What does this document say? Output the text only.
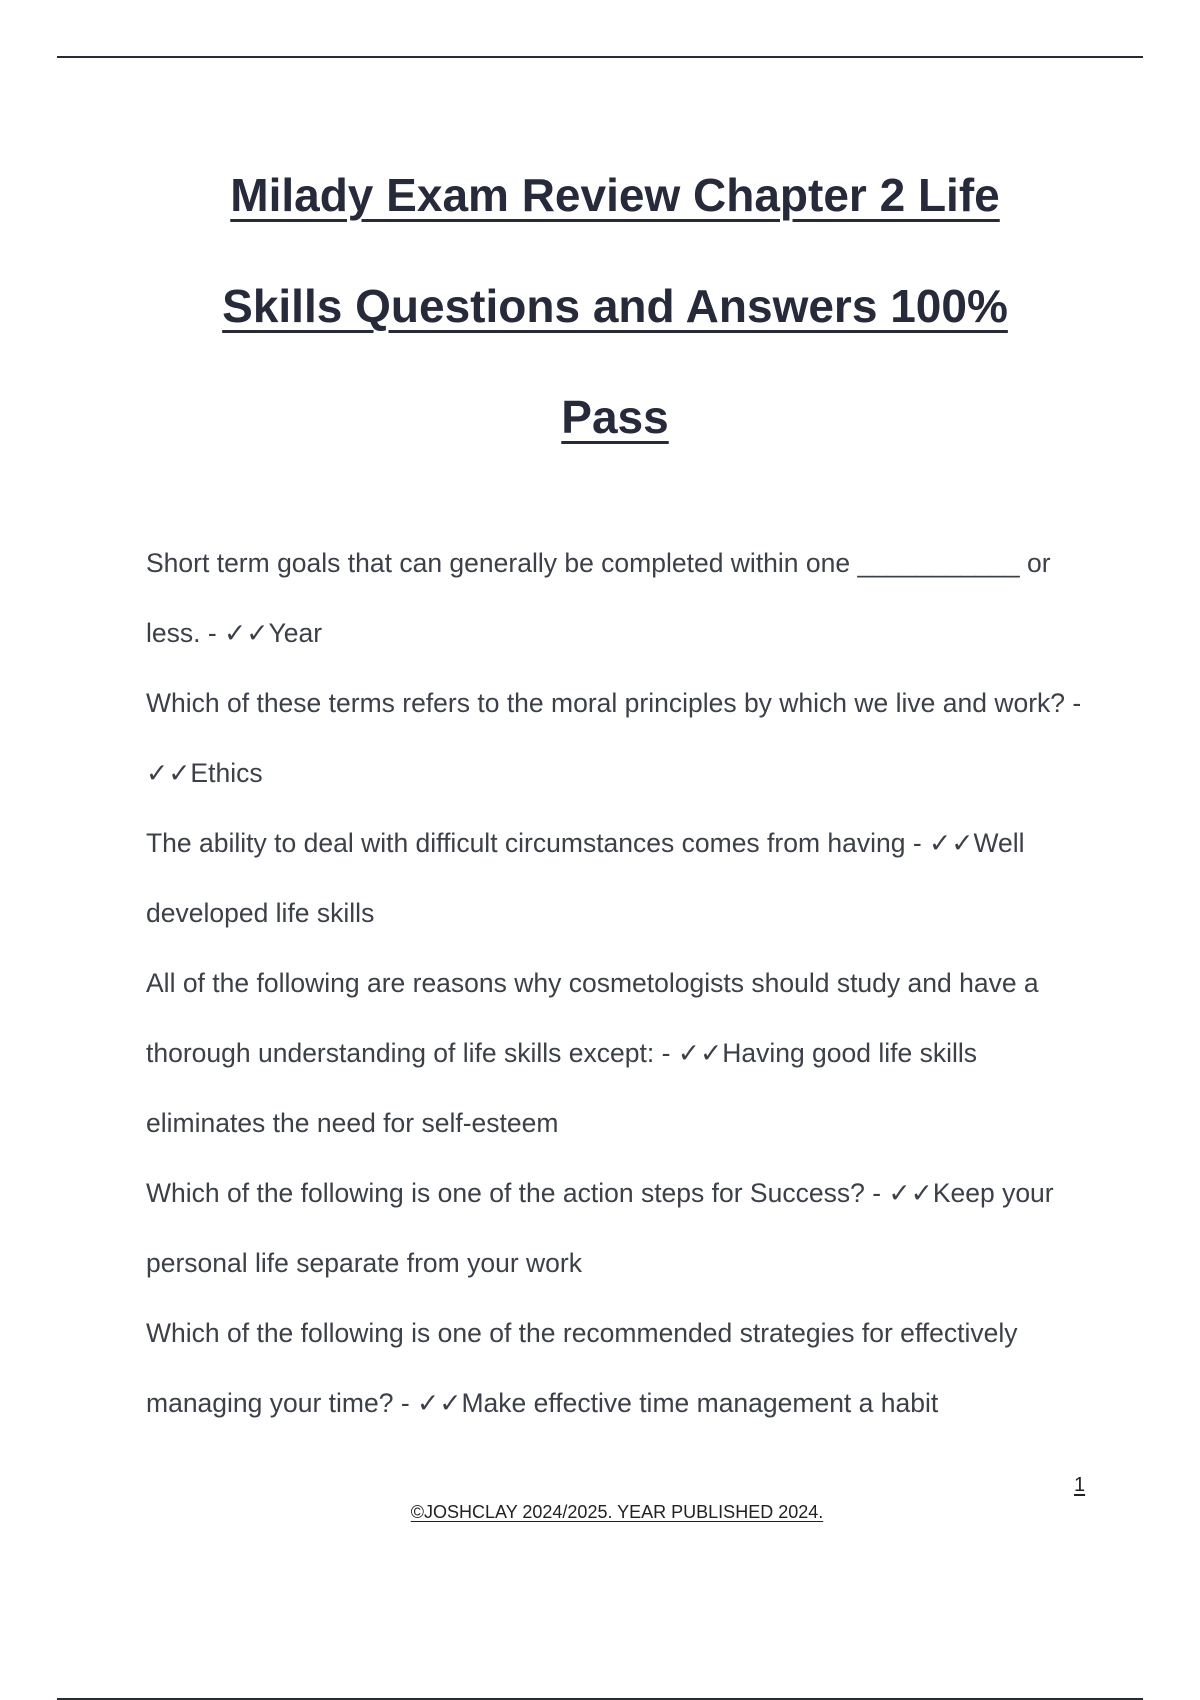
Milady Exam Review Chapter 2 Life
Skills Questions and Answers 100%
Pass
Short term goals that can generally be completed within one ___________ or less. - ✓✓Year
Which of these terms refers to the moral principles by which we live and work? - ✓✓Ethics
The ability to deal with difficult circumstances comes from having - ✓✓Well developed life skills
All of the following are reasons why cosmetologists should study and have a thorough understanding of life skills except: - ✓✓Having good life skills eliminates the need for self-esteem
Which of the following is one of the action steps for Success? - ✓✓Keep your personal life separate from your work
Which of the following is one of the recommended strategies for effectively managing your time? - ✓✓Make effective time management a habit
1
©JOSHCLAY 2024/2025. YEAR PUBLISHED 2024.
